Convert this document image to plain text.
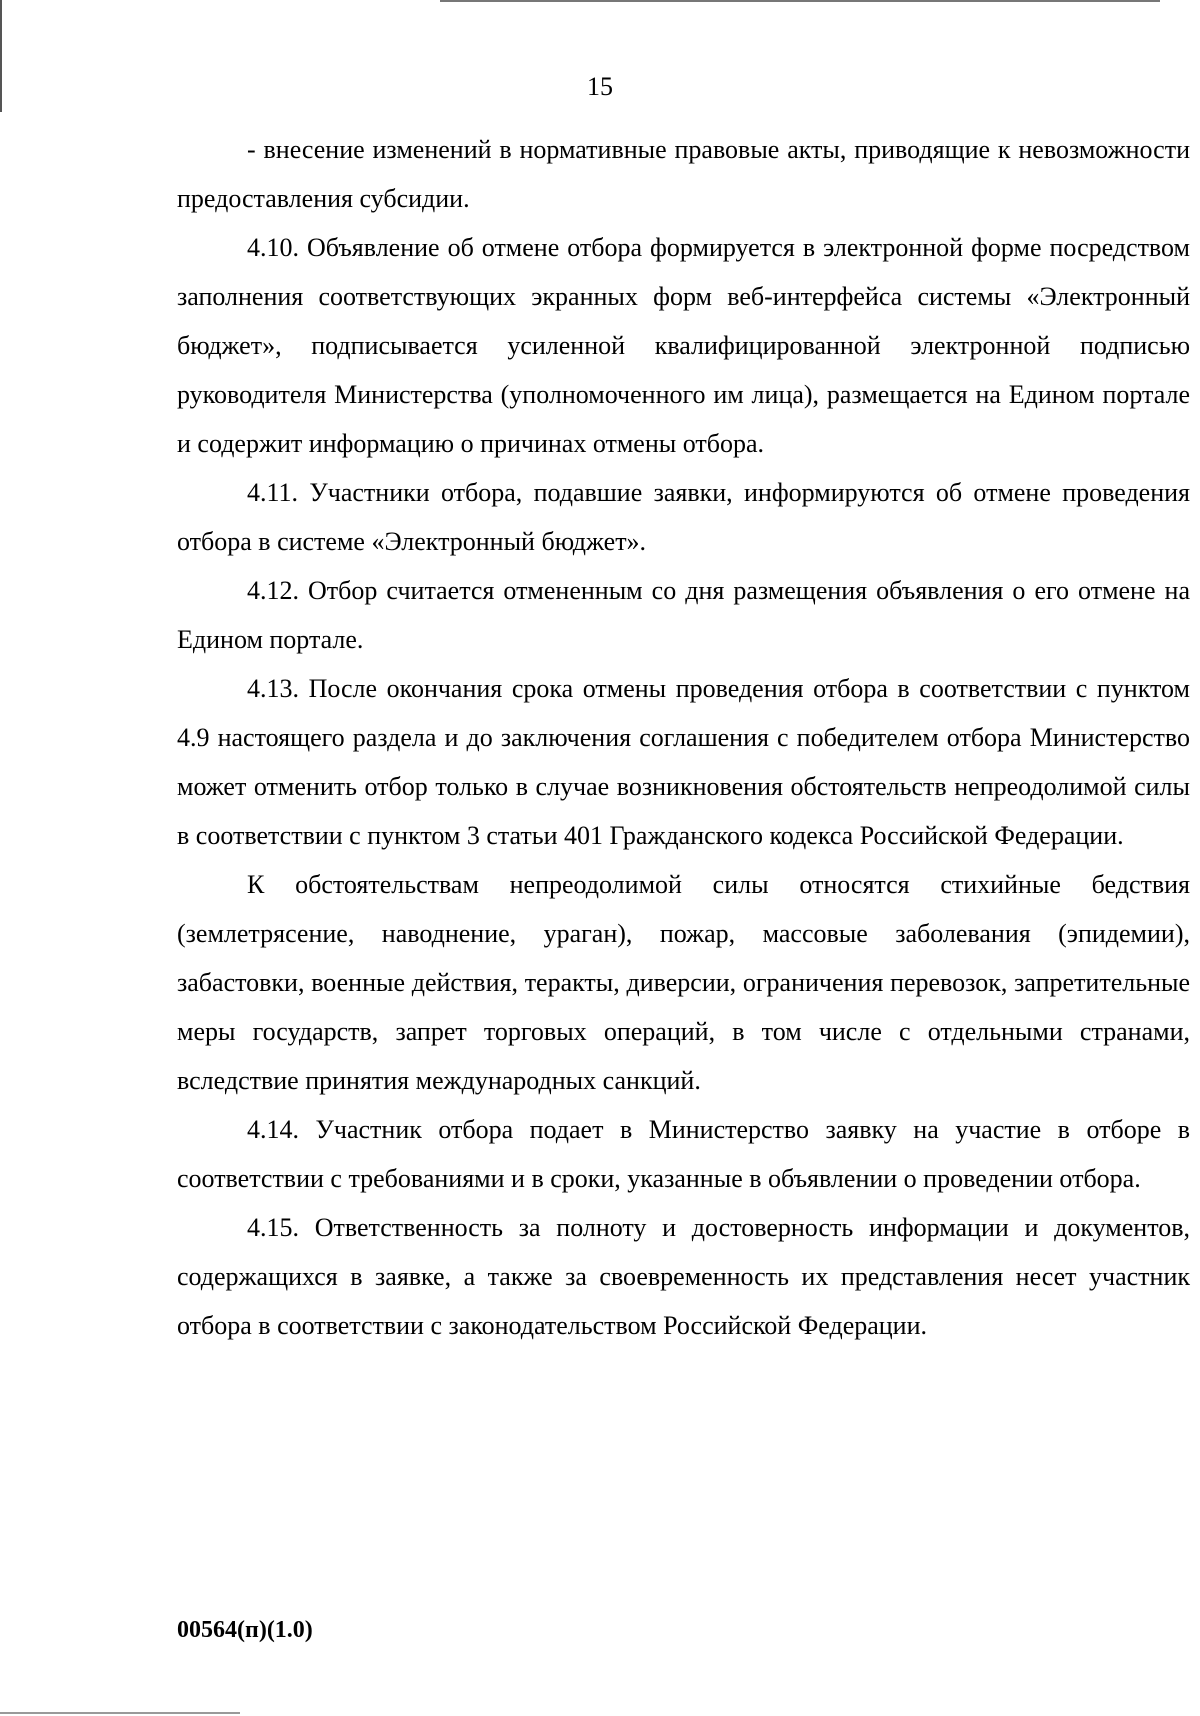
15

- внесение изменений в нормативные правовые акты, приводящие к невозможности предоставления субсидии.

4.10. Объявление об отмене отбора формируется в электронной форме посредством заполнения соответствующих экранных форм веб-интерфейса системы «Электронный бюджет», подписывается усиленной квалифицированной электронной подписью руководителя Министерства (уполномоченного им лица), размещается на Едином портале и содержит информацию о причинах отмены отбора.

4.11. Участники отбора, подавшие заявки, информируются об отмене проведения отбора в системе «Электронный бюджет».

4.12. Отбор считается отмененным со дня размещения объявления о его отмене на Едином портале.

4.13. После окончания срока отмены проведения отбора в соответствии с пунктом 4.9 настоящего раздела и до заключения соглашения с победителем отбора Министерство может отменить отбор только в случае возникновения обстоятельств непреодолимой силы в соответствии с пунктом 3 статьи 401 Гражданского кодекса Российской Федерации.

К обстоятельствам непреодолимой силы относятся стихийные бедствия (землетрясение, наводнение, ураган), пожар, массовые заболевания (эпидемии), забастовки, военные действия, теракты, диверсии, ограничения перевозок, запретительные меры государств, запрет торговых операций, в том числе с отдельными странами, вследствие принятия международных санкций.

4.14. Участник отбора подает в Министерство заявку на участие в отборе в соответствии с требованиями и в сроки, указанные в объявлении о проведении отбора.

4.15. Ответственность за полноту и достоверность информации и документов, содержащихся в заявке, а также за своевременность их представления несет участник отбора в соответствии с законодательством Российской Федерации.

00564(п)(1.0)
